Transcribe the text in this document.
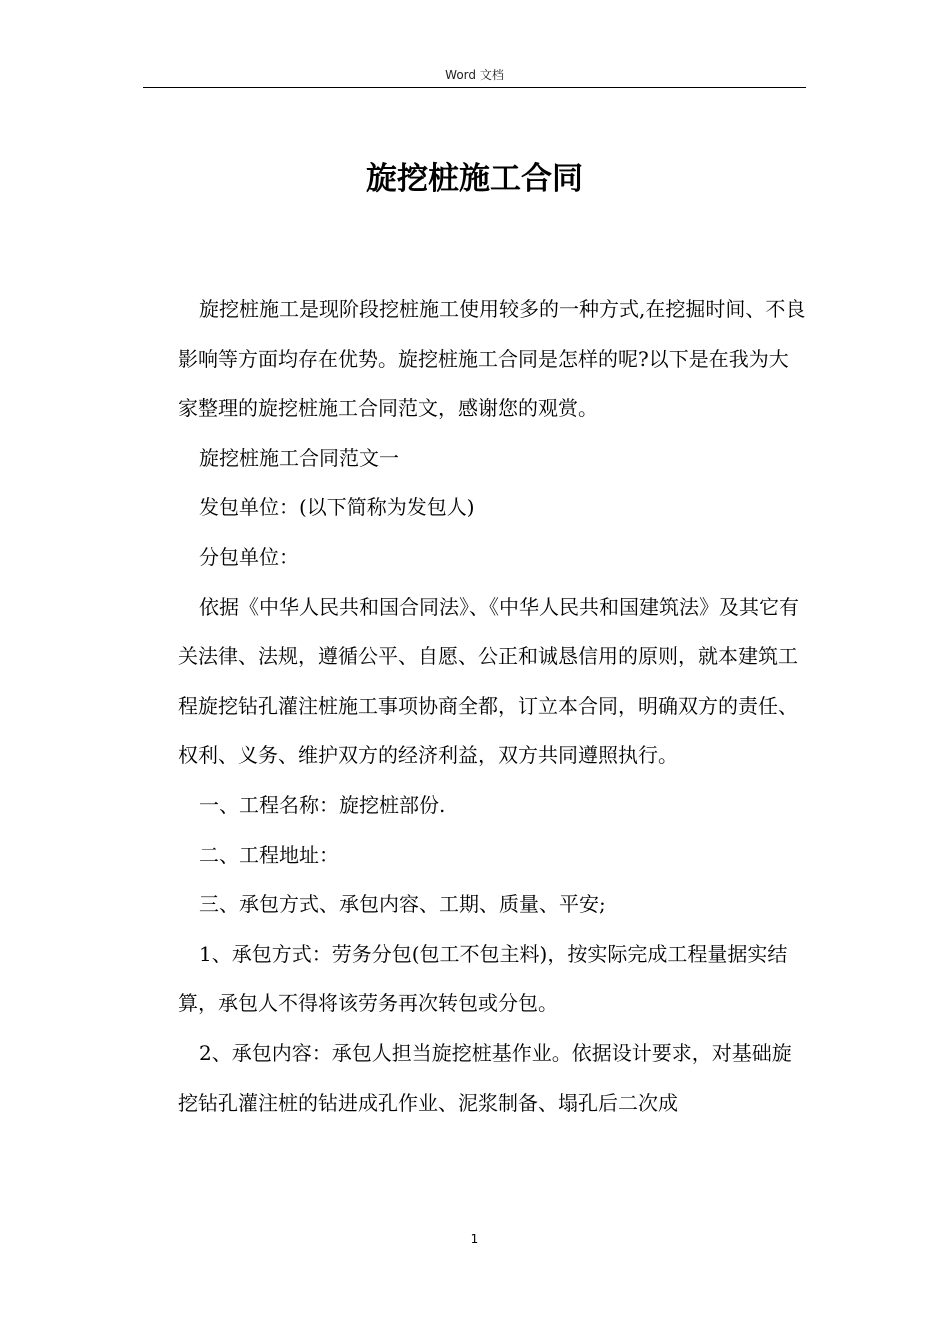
Word 文档
旋挖桩施工合同

旋挖桩施工是现阶段挖桩施工使用较多的一种方式,在挖掘时间、不良影响等方面均存在优势。旋挖桩施工合同是怎样的呢?以下是在我为大家整理的旋挖桩施工合同范文，感谢您的观赏。

旋挖桩施工合同范文一

发包单位：(以下简称为发包人)

分包单位：

依据《中华人民共和国合同法》、《中华人民共和国建筑法》及其它有关法律、法规，遵循公平、自愿、公正和诚恳信用的原则，就本建筑工程旋挖钻孔灌注桩施工事项协商全都，订立本合同，明确双方的责任、权利、义务、维护双方的经济利益，双方共同遵照执行。

一、工程名称：旋挖桩部份.

二、工程地址：

三、承包方式、承包内容、工期、质量、平安;

1、承包方式：劳务分包(包工不包主料)，按实际完成工程量据实结算，承包人不得将该劳务再次转包或分包。

2、承包内容：承包人担当旋挖桩基作业。依据设计要求，对基础旋挖钻孔灌注桩的钻进成孔作业、泥浆制备、塌孔后二次成

1
